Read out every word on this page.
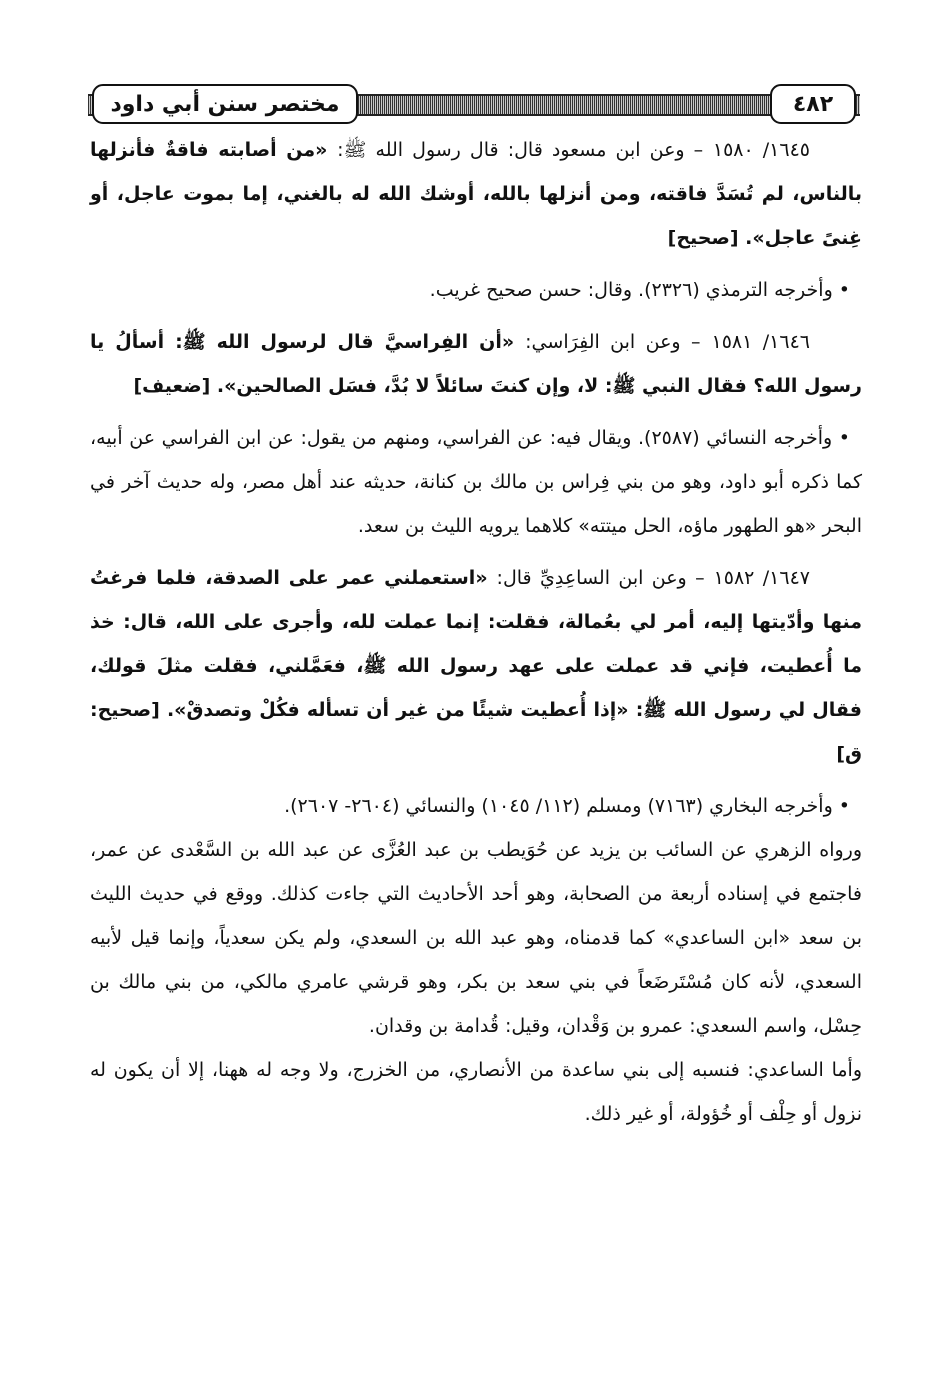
مختصر سنن أبي داود	٤٨٢

١٦٤٥/ ١٥٨٠ – وعن ابن مسعود قال: قال رسول الله ﷺ: «من أصابته فاقةٌ فأنزلها بالناس، لم تُسَدَّ فاقته، ومن أنزلها بالله، أوشك الله له بالغني، إما بموت عاجل، أو غِنىً عاجل». [صحيح]

• وأخرجه الترمذي (٢٣٢٦). وقال: حسن صحيح غريب.

١٦٤٦/ ١٥٨١ – وعن ابن الفِرَاسي: «أن الفِراسيَّ قال لرسول الله ﷺ: أسألُ يا رسول الله؟ فقال النبي ﷺ: لا، وإن كنتَ سائلاً لا بُدَّ، فسَل الصالحين». [ضعيف]

• وأخرجه النسائي (٢٥٨٧). ويقال فيه: عن الفراسي، ومنهم من يقول: عن ابن الفراسي عن أبيه، كما ذكره أبو داود، وهو من بني فِراس بن مالك بن كنانة، حديثه عند أهل مصر، وله حديث آخر في البحر «هو الطهور ماؤه، الحل ميتته» كلاهما يرويه الليث بن سعد.

١٦٤٧/ ١٥٨٢ – وعن ابن الساعِدِيِّ قال: «استعملني عمر على الصدقة، فلما فرغتُ منها وأدّيتها إليه، أمر لي بعُمالة، فقلت: إنما عملت لله، وأجرى على الله، قال: خذ ما أُعطيت، فإني قد عملت على عهد رسول الله ﷺ، فعَمَّلني، فقلت مثلَ قولك، فقال لي رسول الله ﷺ: «إذا أُعطيت شيئًا من غير أن تسأله فكُلْ وتصدقْ». [صحيح: ق]

• وأخرجه البخاري (٧١٦٣) ومسلم (١١٢/ ١٠٤٥) والنسائي (٢٦٠٤- ٢٦٠٧).

ورواه الزهري عن السائب بن يزيد عن حُوَيطب بن عبد العُزَّى عن عبد الله بن السَّعْدى عن عمر، فاجتمع في إسناده أربعة من الصحابة، وهو أحد الأحاديث التي جاءت كذلك. ووقع في حديث الليث بن سعد «ابن الساعدي» كما قدمناه، وهو عبد الله بن السعدي، ولم يكن سعدياً، وإنما قيل لأبيه السعدي، لأنه كان مُسْتَرضَعاً في بني سعد بن بكر، وهو قرشي عامري مالكي، من بني مالك بن حِسْل، واسم السعدي: عمرو بن وَقْدان، وقيل: قُدامة بن وقدان.

وأما الساعدي: فنسبه إلى بني ساعدة من الأنصاري، من الخزرج، ولا وجه له ههنا، إلا أن يكون له نزول أو حِلْف أو خُؤولة، أو غير ذلك.
